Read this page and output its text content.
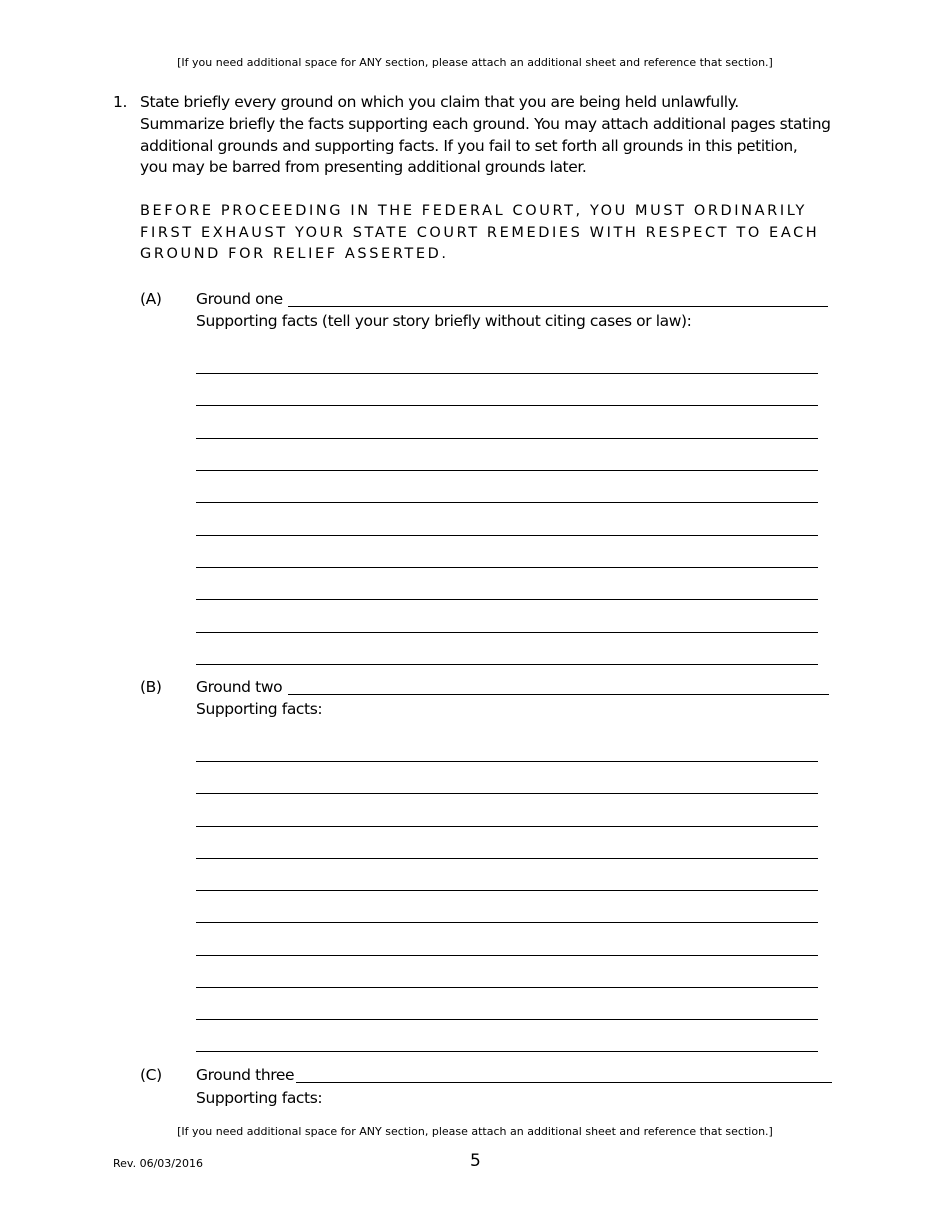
[If you need additional space for ANY section, please attach an additional sheet and reference that section.]
1. State briefly every ground on which you claim that you are being held unlawfully.
Summarize briefly the facts supporting each ground. You may attach additional pages stating
additional grounds and supporting facts. If you fail to set forth all grounds in this petition,
you may be barred from presenting additional grounds later.
BEFORE PROCEEDING IN THE FEDERAL COURT, YOU MUST ORDINARILY
FIRST EXHAUST YOUR STATE COURT REMEDIES WITH RESPECT TO EACH
GROUND FOR RELIEF ASSERTED.
(A) Ground one
Supporting facts (tell your story briefly without citing cases or law):
(B) Ground two
Supporting facts:
(C) Ground three
Supporting facts:
[If you need additional space for ANY section, please attach an additional sheet and reference that section.]
Rev. 06/03/2016	5
